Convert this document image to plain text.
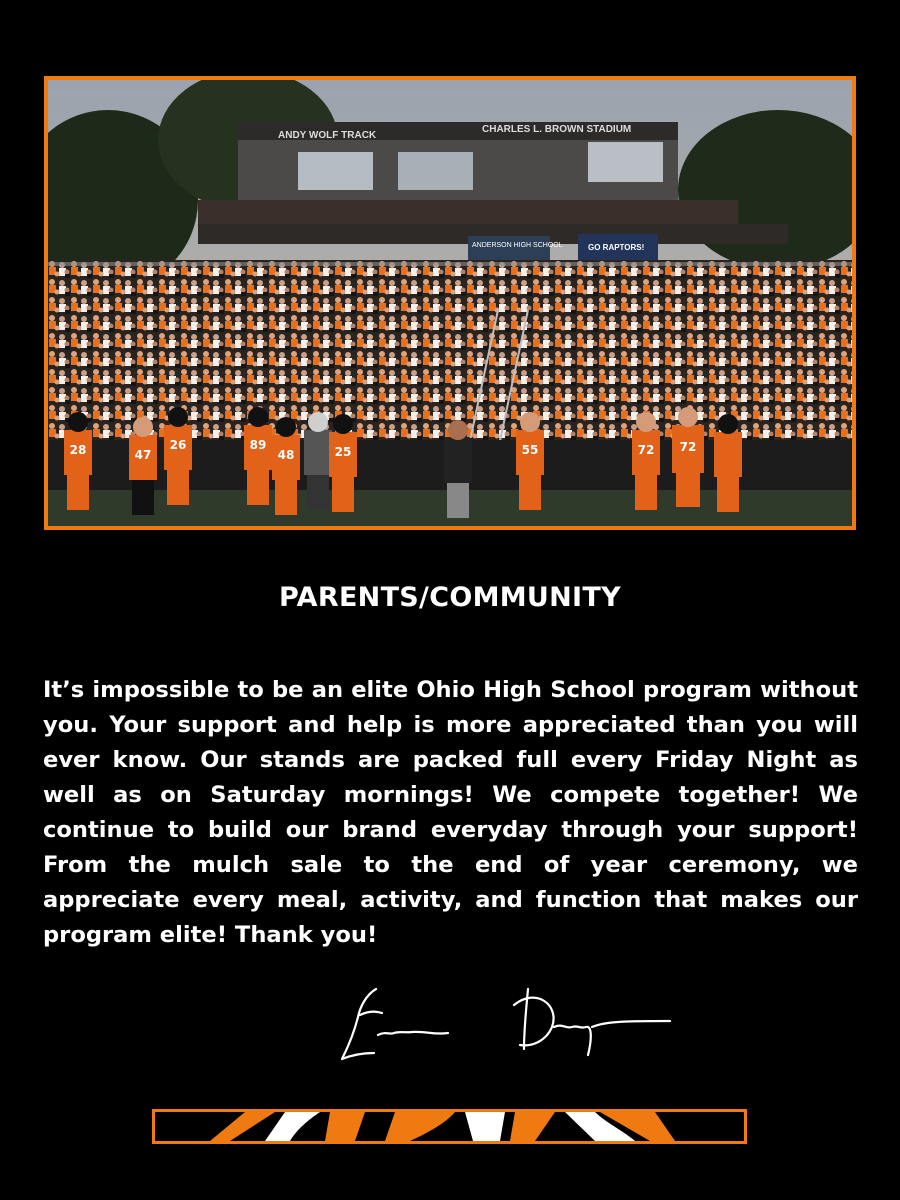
ANDY WOLF TRACK
CHARLES L. BROWN STADIUM
ANDERSON HIGH SCHOOL	GO RAPTORS!
28	47
26	89
48	25	55	72 72
PARENTS/COMMUNITY

It’s impossible to be an elite Ohio High School program without you. Your support and help is more appreciated than you will ever know. Our stands are packed full every Friday Night as well as on Saturday mornings! We compete together! We continue to build our brand everyday through your support! From the mulch sale to the end of year ceremony, we appreciate every meal, activity, and function that makes our program elite! Thank you!
